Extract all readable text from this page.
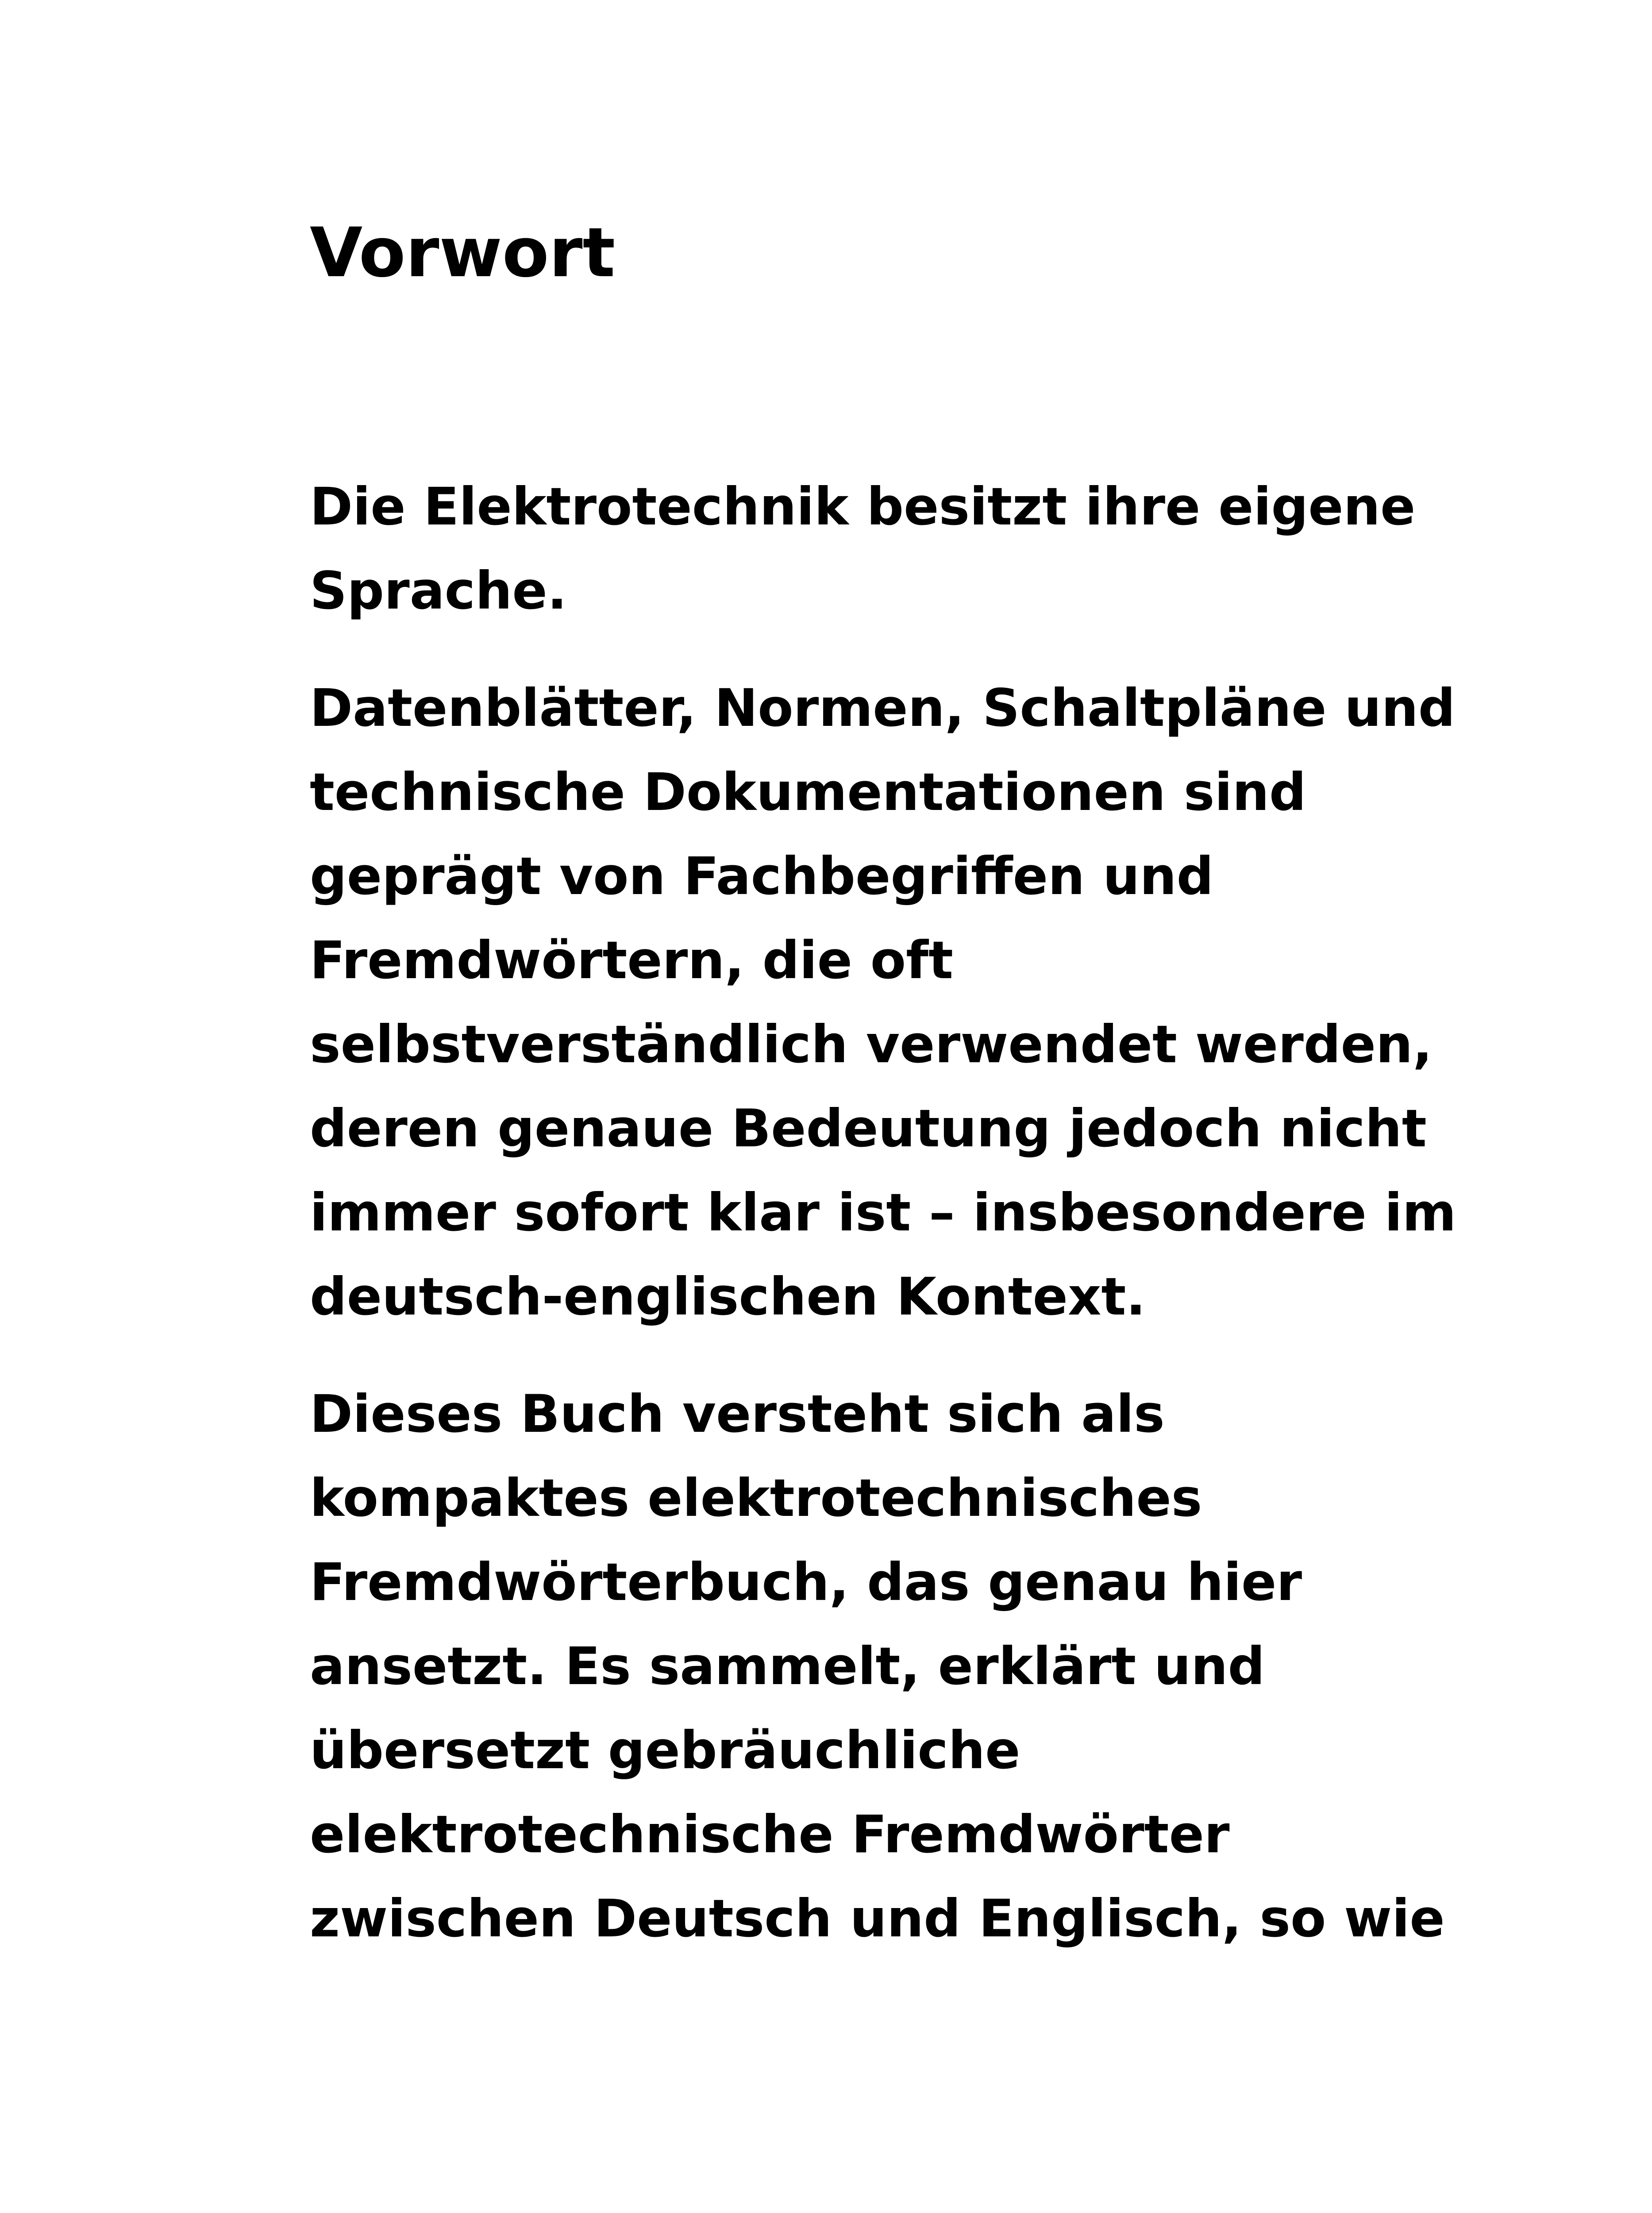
Vorwort

Die Elektrotechnik besitzt ihre eigene
Sprache.

Datenblätter, Normen, Schaltpläne und
technische Dokumentationen sind
geprägt von Fachbegriffen und
Fremdwörtern, die oft
selbstverständlich verwendet werden,
deren genaue Bedeutung jedoch nicht
immer sofort klar ist – insbesondere im
deutsch-englischen Kontext.

Dieses Buch versteht sich als
kompaktes elektrotechnisches
Fremdwörterbuch, das genau hier
ansetzt. Es sammelt, erklärt und
übersetzt gebräuchliche
elektrotechnische Fremdwörter
zwischen Deutsch und Englisch, so wie
